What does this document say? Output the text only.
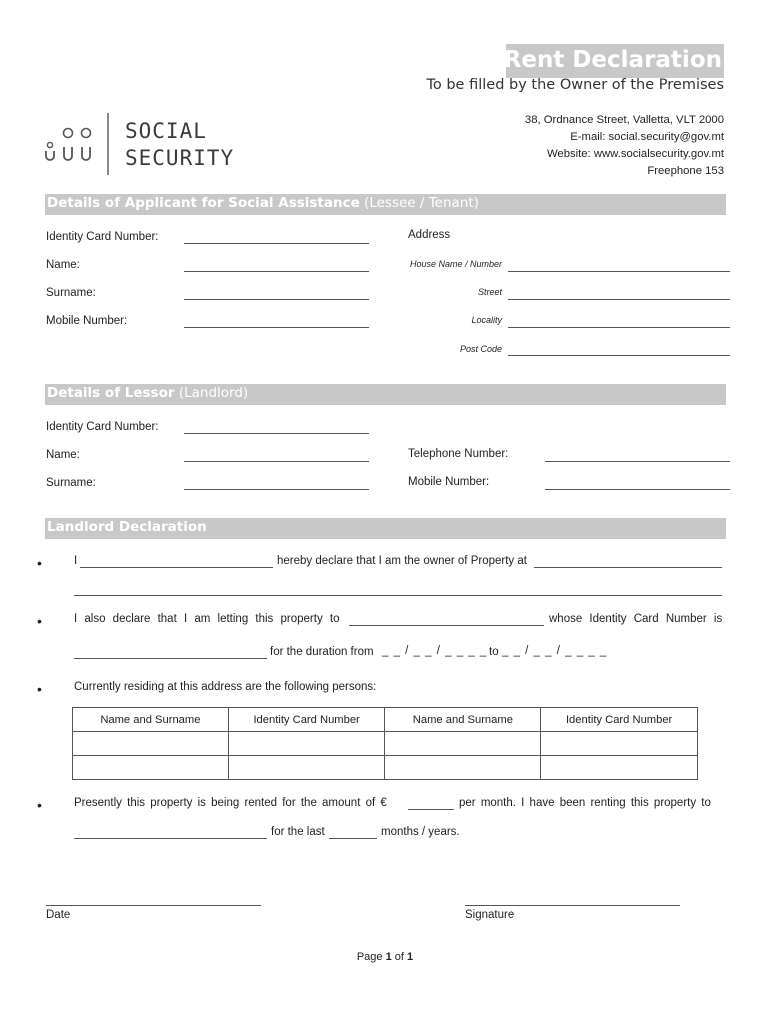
Rent Declaration
To be filled by the Owner of the Premises
38, Ordnance Street, Valletta, VLT 2000
E-mail: social.security@gov.mt
Website: www.socialsecurity.gov.mt
Freephone 153
SOCIAL
SECURITY
Details of Applicant for Social Assistance (Lessee / Tenant)
Identity Card Number:
Name:
Surname:
Mobile Number:
Address
House Name / Number
Street
Locality
Post Code
Details of Lessor (Landlord)
Identity Card Number:
Name:
Surname:
Telephone Number:
Mobile Number:
Landlord Declaration
•	I	hereby declare that I am the owner of Property at
•	I also declare that I am letting this property to	whose Identity Card Number is
for the duration from _ _ / _ _ / _ _ _ _ to _ _ / _ _ / _ _ _ _
•	Currently residing at this address are the following persons:
Name and Surname	Identity Card Number	Name and Surname	Identity Card Number

•	Presently this property is being rented for the amount of €	per month. I have been renting this property to
for the last	months / years.
Date	Signature
Page 1 of 1
